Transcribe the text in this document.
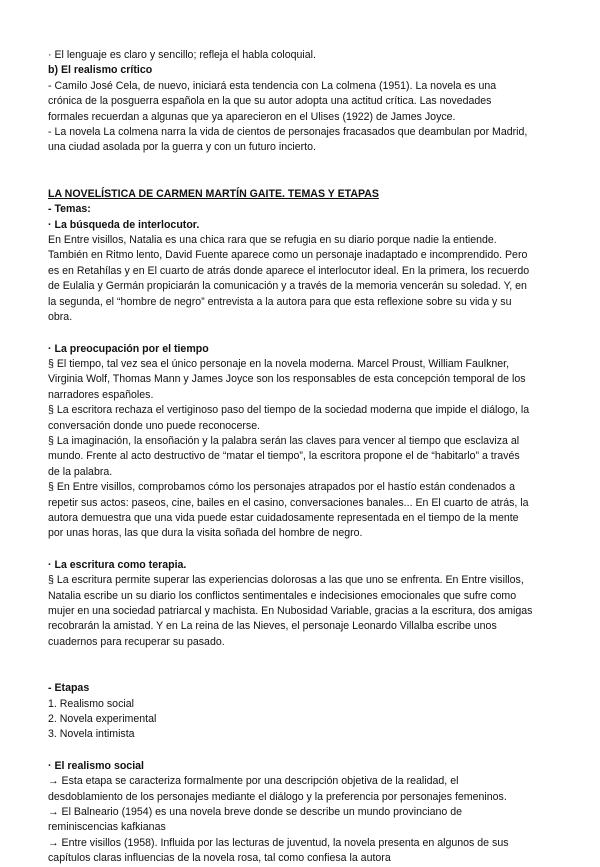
· El lenguaje es claro y sencillo; refleja el habla coloquial.
b) El realismo crítico
- Camilo José Cela, de nuevo, iniciará esta tendencia con La colmena (1951). La novela es una
crónica de la posguerra española en la que su autor adopta una actitud crítica. Las novedades
formales recuerdan a algunas que ya aparecieron en el Ulises (1922) de James Joyce.
- La novela La colmena narra la vida de cientos de personajes fracasados que deambulan por Madrid,
una ciudad asolada por la guerra y con un futuro incierto.
LA NOVELÍSTICA DE CARMEN MARTÍN GAITE. TEMAS Y ETAPAS
- Temas:
· La búsqueda de interlocutor.
En Entre visillos, Natalia es una chica rara que se refugia en su diario porque nadie la entiende.
También en Ritmo lento, David Fuente aparece como un personaje inadaptado e incomprendido. Pero
es en Retahílas y en El cuarto de atrás donde aparece el interlocutor ideal. En la primera, los recuerdo
de Eulalia y Germán propiciarán la comunicación y a través de la memoria vencerán su soledad. Y, en
la segunda, el “hombre de negro” entrevista a la autora para que esta reflexione sobre su vida y su
obra.
· La preocupación por el tiempo
§ El tiempo, tal vez sea el único personaje en la novela moderna. Marcel Proust, William Faulkner,
Virginia Wolf, Thomas Mann y James Joyce son los responsables de esta concepción temporal de los
narradores españoles.
§ La escritora rechaza el vertiginoso paso del tiempo de la sociedad moderna que impide el diálogo, la
conversación donde uno puede reconocerse.
§ La imaginación, la ensoñación y la palabra serán las claves para vencer al tiempo que esclaviza al
mundo. Frente al acto destructivo de “matar el tiempo”, la escritora propone el de “habitarlo” a través
de la palabra.
§ En Entre visillos, comprobamos cómo los personajes atrapados por el hastío están condenados a
repetir sus actos: paseos, cine, bailes en el casino, conversaciones banales... En El cuarto de atrás, la
autora demuestra que una vida puede estar cuidadosamente representada en el tiempo de la mente
por unas horas, las que dura la visita soñada del hombre de negro.
· La escritura como terapia.
§ La escritura permite superar las experiencias dolorosas a las que uno se enfrenta. En Entre visillos,
Natalia escribe un su diario los conflictos sentimentales e indecisiones emocionales que sufre como
mujer en una sociedad patriarcal y machista. En Nubosidad Variable, gracias a la escritura, dos amigas
recobrarán la amistad. Y en La reina de las Nieves, el personaje Leonardo Villalba escribe unos
cuadernos para recuperar su pasado.
- Etapas
1. Realismo social
2. Novela experimental
3. Novela intimista
· El realismo social
→ Esta etapa se caracteriza formalmente por una descripción objetiva de la realidad, el
desdoblamiento de los personajes mediante el diálogo y la preferencia por personajes femeninos.
→ El Balneario (1954) es una novela breve donde se describe un mundo provinciano de
reminiscencias kafkianas
→ Entre visillos (1958). Influida por las lecturas de juventud, la novela presenta en algunos de sus
capítulos claras influencias de la novela rosa, tal como confiesa la autora
